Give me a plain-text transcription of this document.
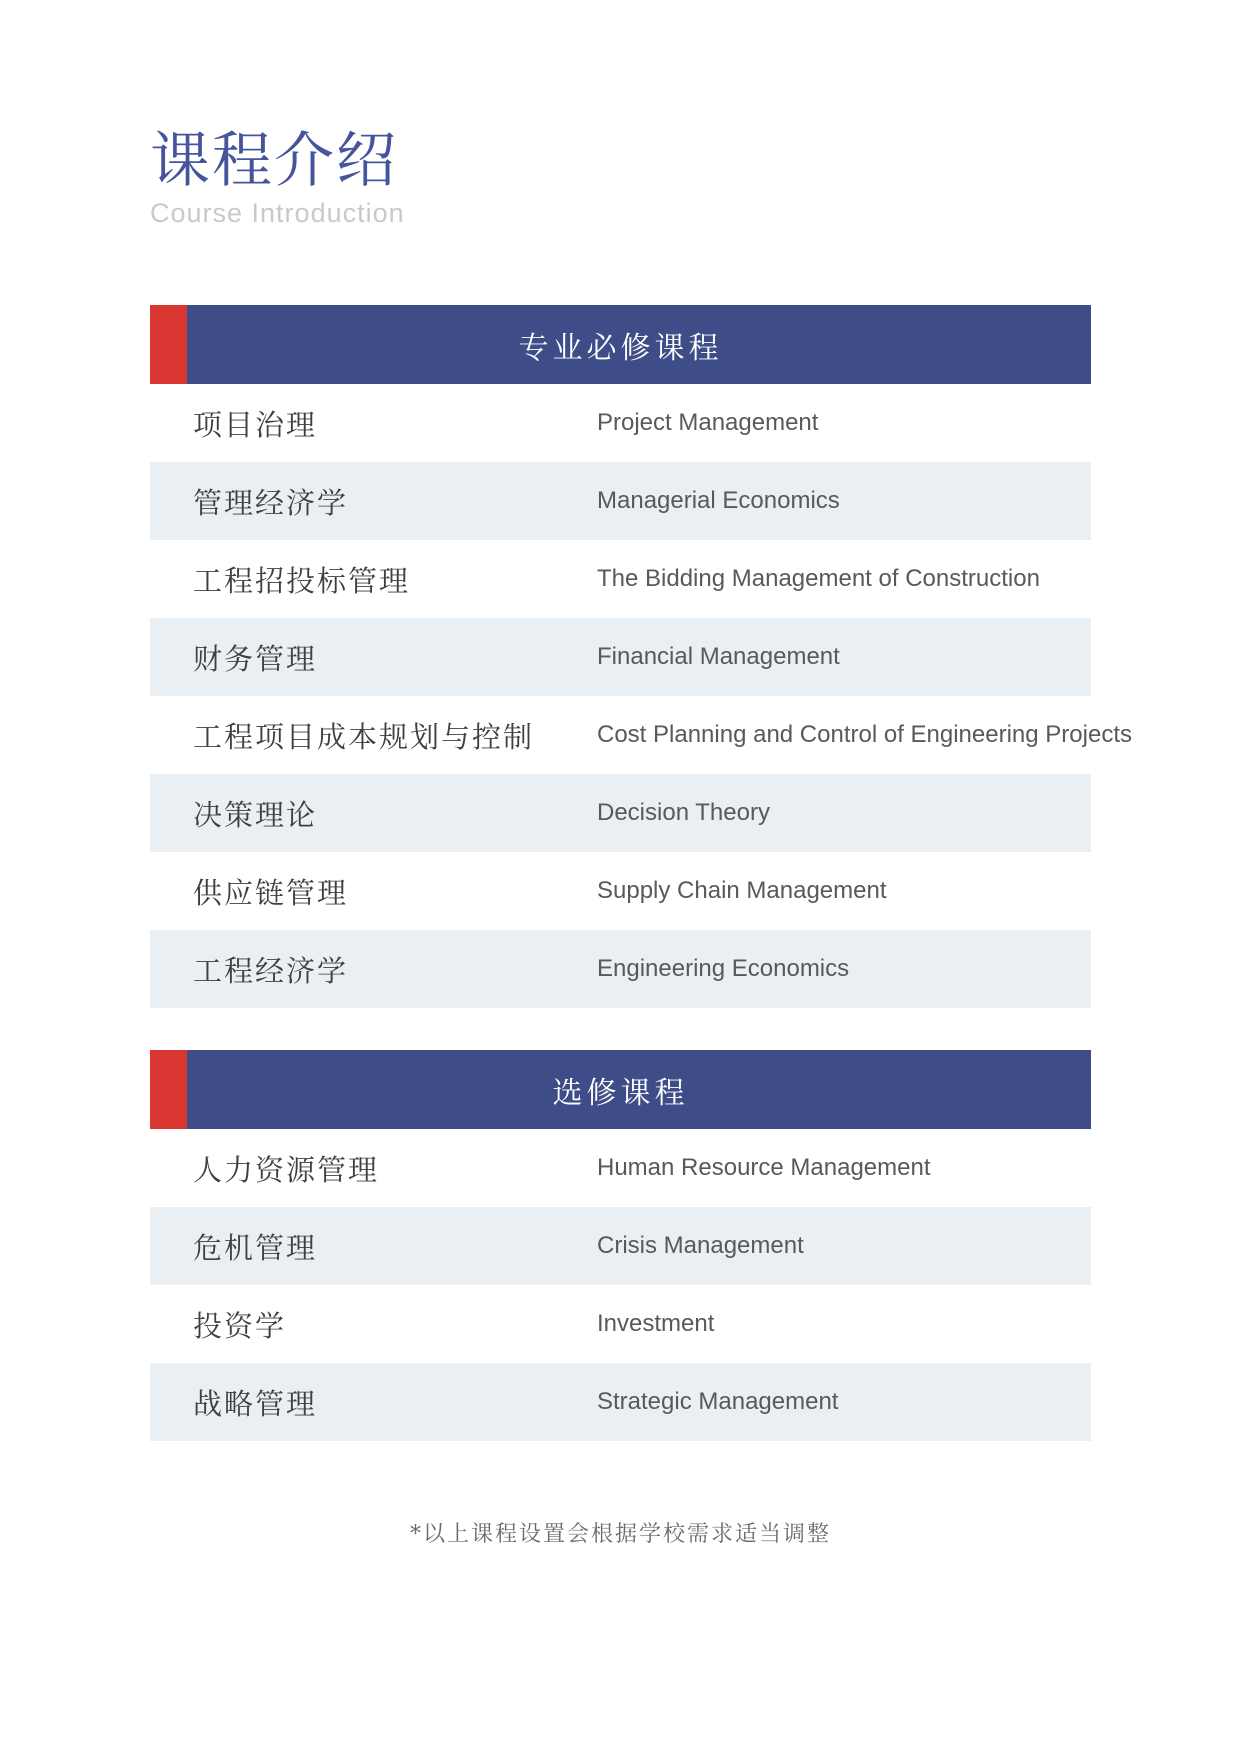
课程介绍
Course Introduction
专业必修课程
项目治理	Project Management
管理经济学	Managerial Economics
工程招投标管理	The Bidding Management of Construction
财务管理	Financial Management
工程项目成本规划与控制	Cost Planning and Control of Engineering Projects
决策理论	Decision Theory
供应链管理	Supply Chain Management
工程经济学	Engineering Economics
选修课程
人力资源管理	Human Resource Management
危机管理	Crisis Management
投资学	Investment
战略管理	Strategic Management
*以上课程设置会根据学校需求适当调整
